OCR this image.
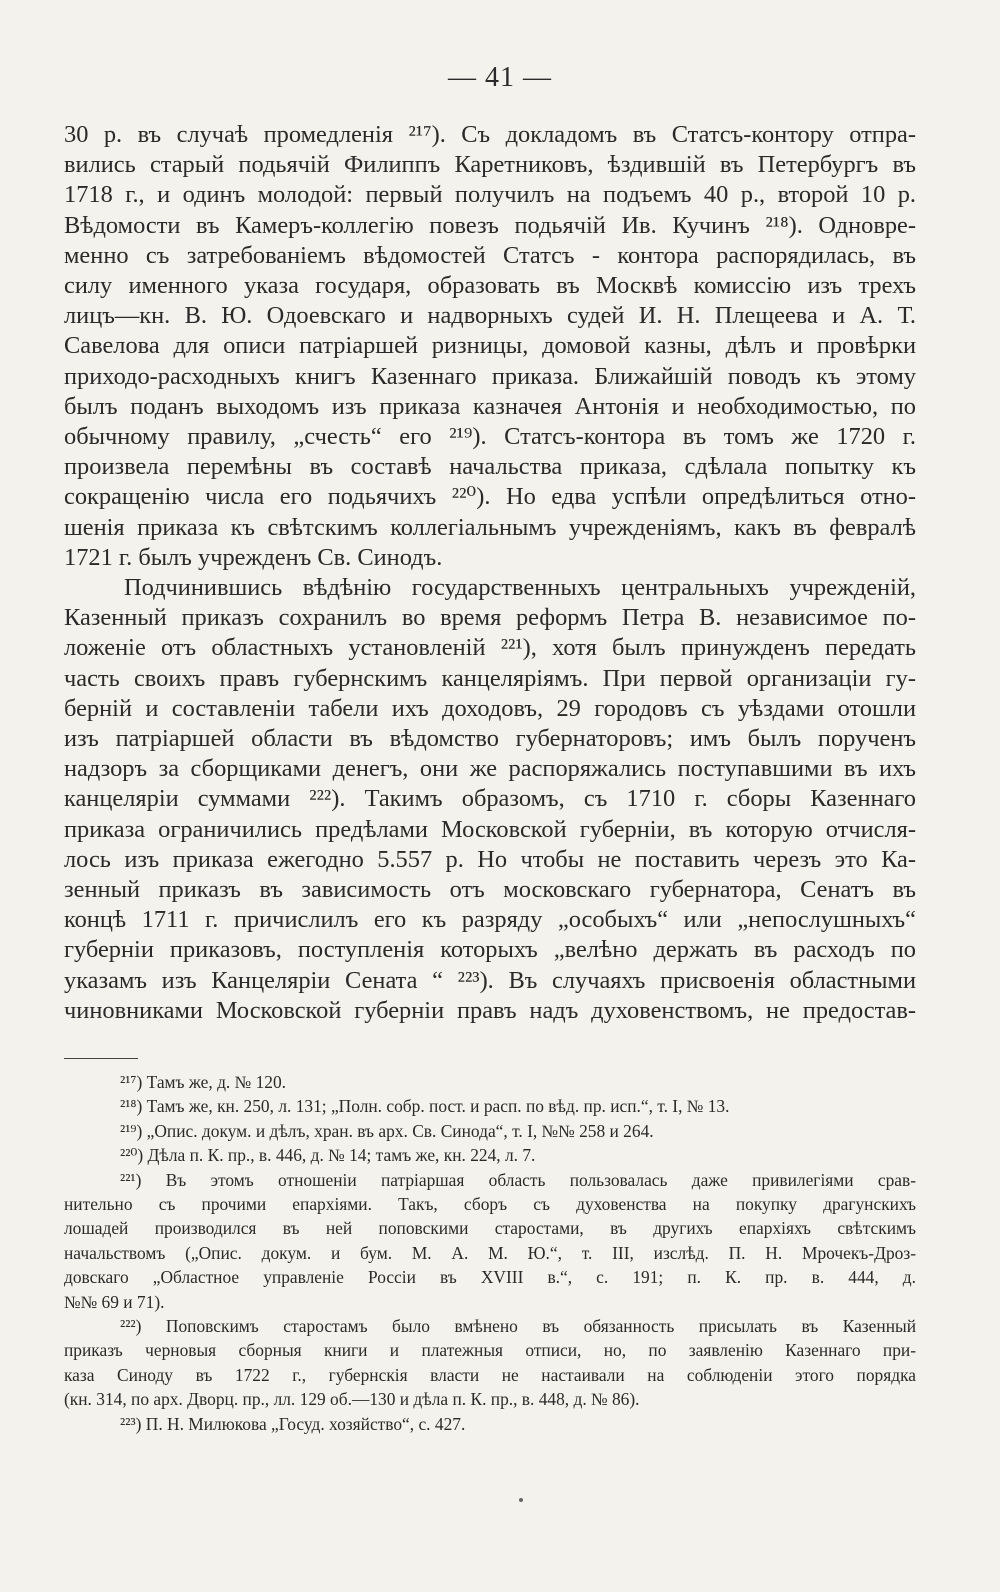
— 41 —
30 р. въ случаѣ промедленія ²¹⁷). Съ докладомъ въ Статсъ-контору отпра-
вились старый подьячій Филиппъ Каретниковъ, ѣздившій въ Петербургъ въ
1718 г., и одинъ молодой: первый получилъ на подъемъ 40 р., второй 10 р.
Вѣдомости въ Камеръ-коллегію повезъ подьячій Ив. Кучинъ ²¹⁸). Одновре-
менно съ затребованіемъ вѣдомостей Статсъ - контора распорядилась, въ
силу именного указа государя, образовать въ Москвѣ комиссію изъ трехъ
лицъ—кн. В. Ю. Одоевскаго и надворныхъ судей И. Н. Плещеева и А. Т.
Савелова для описи патріаршей ризницы, домовой казны, дѣлъ и провѣрки
приходо-расходныхъ книгъ Казеннаго приказа. Ближайшій поводъ къ этому
былъ поданъ выходомъ изъ приказа казначея Антонія и необходимостью, по
обычному правилу, „счесть“ его ²¹⁹). Статсъ-контора въ томъ же 1720 г.
произвела перемѣны въ составѣ начальства приказа, сдѣлала попытку къ
сокращенію числа его подьячихъ ²²⁰). Но едва успѣли опредѣлиться отно-
шенія приказа къ свѣтскимъ коллегіальнымъ учрежденіямъ, какъ въ февралѣ
1721 г. былъ учрежденъ Св. Синодъ.
Подчинившись вѣдѣнію государственныхъ центральныхъ учрежденій,
Казенный приказъ сохранилъ во время реформъ Петра В. независимое по-
ложеніе отъ областныхъ установленій ²²¹), хотя былъ принужденъ передать
часть своихъ правъ губернскимъ канцеляріямъ. При первой организаціи гу-
берній и составленіи табели ихъ доходовъ, 29 городовъ съ уѣздами отошли
изъ патріаршей области въ вѣдомство губернаторовъ; имъ былъ порученъ
надзоръ за сборщиками денегъ, они же распоряжались поступавшими въ ихъ
канцеляріи суммами ²²²). Такимъ образомъ, съ 1710 г. сборы Казеннаго
приказа ограничились предѣлами Московской губерніи, въ которую отчисля-
лось изъ приказа ежегодно 5.557 р. Но чтобы не поставить черезъ это Ка-
зенный приказъ въ зависимость отъ московскаго губернатора, Сенатъ въ
концѣ 1711 г. причислилъ его къ разряду „особыхъ“ или „непослушныхъ“
губерніи приказовъ, поступленія которыхъ „велѣно держать въ расходъ по
указамъ изъ Канцеляріи Сената “ ²²³). Въ случаяхъ присвоенія областными
чиновниками Московской губерніи правъ надъ духовенствомъ, не предостав-
²¹⁷) Тамъ же, д. № 120.
²¹⁸) Тамъ же, кн. 250, л. 131; „Полн. собр. пост. и расп. по вѣд. пр. исп.“, т. I, № 13.
²¹⁹) „Опис. докум. и дѣлъ, хран. въ арх. Св. Синода“, т. I, №№ 258 и 264.
²²⁰) Дѣла п. К. пр., в. 446, д. № 14; тамъ же, кн. 224, л. 7.
²²¹) Въ этомъ отношеніи патріаршая область пользовалась даже привилегіями срав-
нительно съ прочими епархіями. Такъ, сборъ съ духовенства на покупку драгунскихъ
лошадей производился въ ней поповскими старостами, въ другихъ епархіяхъ свѣтскимъ
начальствомъ („Опис. докум. и бум. М. А. М. Ю.“, т. III, изслѣд. П. Н. Мрочекъ-Дроз-
довскаго „Областное управленіе Россіи въ XVIII в.“, с. 191; п. К. пр. в. 444, д.
№№ 69 и 71).
²²²) Поповскимъ старостамъ было вмѣнено въ обязанность присылать въ Казенный
приказъ черновыя сборныя книги и платежныя отписи, но, по заявленію Казеннаго при-
каза Синоду въ 1722 г., губернскія власти не настаивали на соблюденіи этого порядка
(кн. 314, по арх. Дворц. пр., лл. 129 об.—130 и дѣла п. К. пр., в. 448, д. № 86).
²²³) П. Н. Милюкова „Госуд. хозяйство“, с. 427.
